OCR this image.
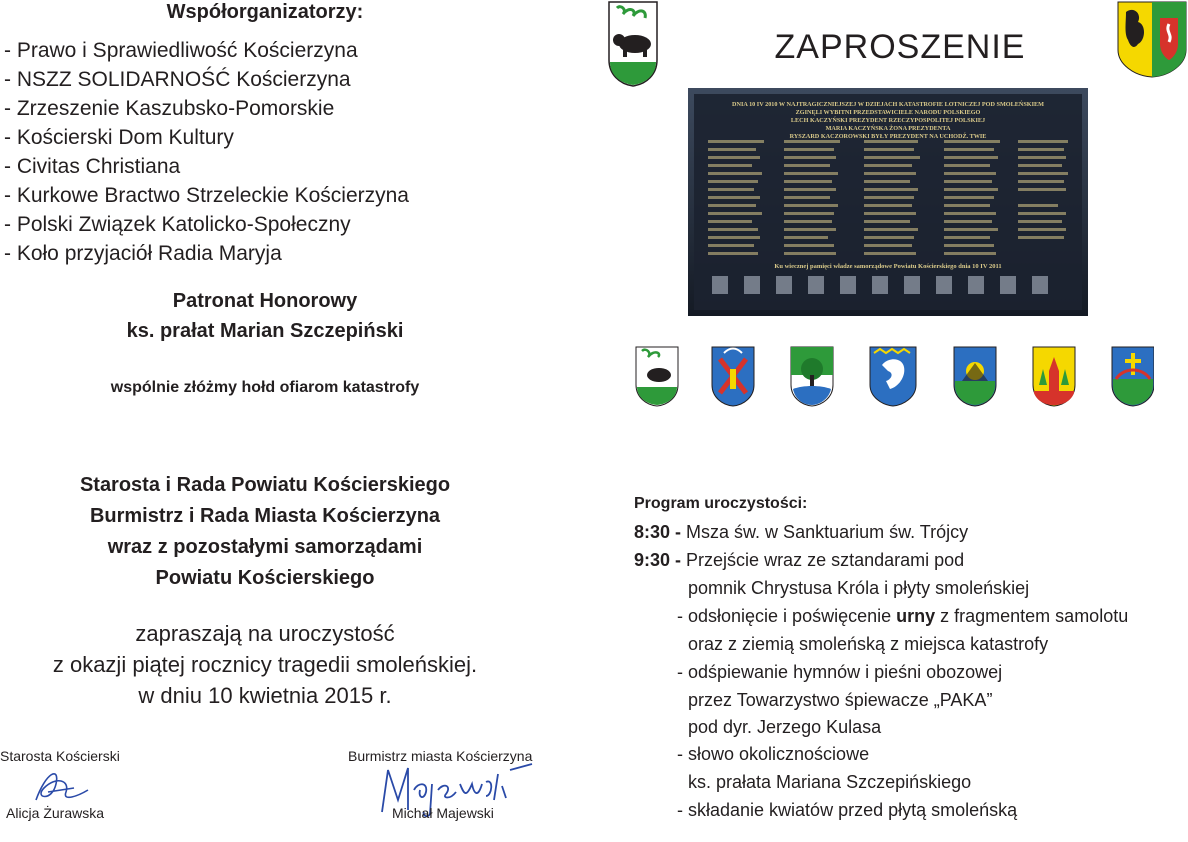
Współorganizatorzy:
- Prawo i Sprawiedliwość Kościerzyna
- NSZZ SOLIDARNOŚĆ Kościerzyna
- Zrzeszenie Kaszubsko-Pomorskie
- Kościerski Dom Kultury
- Civitas Christiana
- Kurkowe Bractwo Strzeleckie Kościerzyna
- Polski Związek Katolicko-Społeczny
- Koło przyjaciół Radia Maryja
Patronat Honorowy
ks. prałat Marian Szczepiński
wspólnie złóżmy hołd ofiarom katastrofy
Starosta i Rada Powiatu Kościerskiego
Burmistrz i Rada Miasta Kościerzyna
wraz z pozostałymi samorządami
Powiatu Kościerskiego
zapraszają na uroczystość
z okazji piątej rocznicy tragedii smoleńskiej.
w dniu 10 kwietnia 2015 r.
Starosta Kościerski
Alicja Żurawska
Burmistrz miasta Kościerzyna
Michał Majewski
ZAPROSZENIE
DNIA 10 IV 2010 W NAJTRAGICZNIEJSZEJ W DZIEJACH KATASTROFIE LOTNICZEJ POD SMOLEŃSKIEM
ZGINĘLI WYBITNI PRZEDSTAWICIELE NARODU POLSKIEGO
LECH KACZYŃSKI PREZYDENT RZECZYPOSPOLITEJ POLSKIEJ
MARIA KACZYŃSKA ŻONA PREZYDENTA
RYSZARD KACZOROWSKI BYŁY PREZYDENT NA UCHODŹ. TWIE
Ku wiecznej pamięci władze samorządowe Powiatu Kościerskiego dnia 10 IV 2011
Program uroczystości:
8:30 - Msza św. w Sanktuarium św. Trójcy
9:30 - Przejście wraz ze sztandarami pod
pomnik Chrystusa Króla i płyty smoleńskiej
- odsłonięcie i poświęcenie urny z fragmentem samolotu
oraz z ziemią smoleńską z miejsca katastrofy
- odśpiewanie hymnów i pieśni obozowej
przez Towarzystwo śpiewacze „PAKA”
pod dyr. Jerzego Kulasa
- słowo okolicznościowe
ks. prałata Mariana Szczepińskiego
- składanie kwiatów przed płytą smoleńską
